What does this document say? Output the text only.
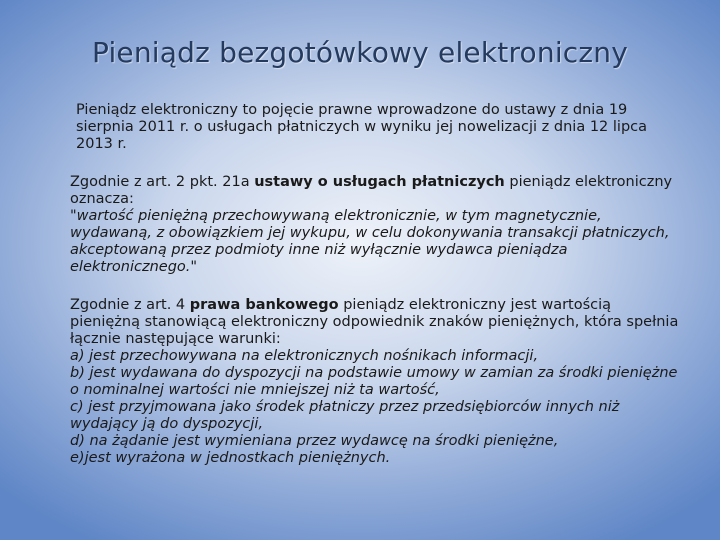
Pieniądz bezgotówkowy elektroniczny

Pieniądz elektroniczny to pojęcie prawne wprowadzone do ustawy z dnia 19 sierpnia 2011 r. o usługach płatniczych w wyniku jej nowelizacji z dnia 12 lipca 2013 r.

Zgodnie z art. 2 pkt. 21a ustawy o usługach płatniczych pieniądz elektroniczny oznacza:

"wartość pieniężną przechowywaną elektronicznie, w tym magnetycznie, wydawaną, z obowiązkiem jej wykupu, w celu dokonywania transakcji płatniczych, akceptowaną przez podmioty inne niż wyłącznie wydawca pieniądza elektronicznego."

Zgodnie z art. 4 prawa bankowego pieniądz elektroniczny jest wartością pieniężną stanowiącą elektroniczny odpowiednik znaków pieniężnych, która spełnia łącznie następujące warunki:

a) jest przechowywana na elektronicznych nośnikach informacji,

b) jest wydawana do dyspozycji na podstawie umowy w zamian za środki pieniężne o nominalnej wartości nie mniejszej niż ta wartość,

c) jest przyjmowana jako środek płatniczy przez przedsiębiorców innych niż wydający ją do dyspozycji,

d) na żądanie jest wymieniana przez wydawcę na środki pieniężne,

e)jest wyrażona w jednostkach pieniężnych.
